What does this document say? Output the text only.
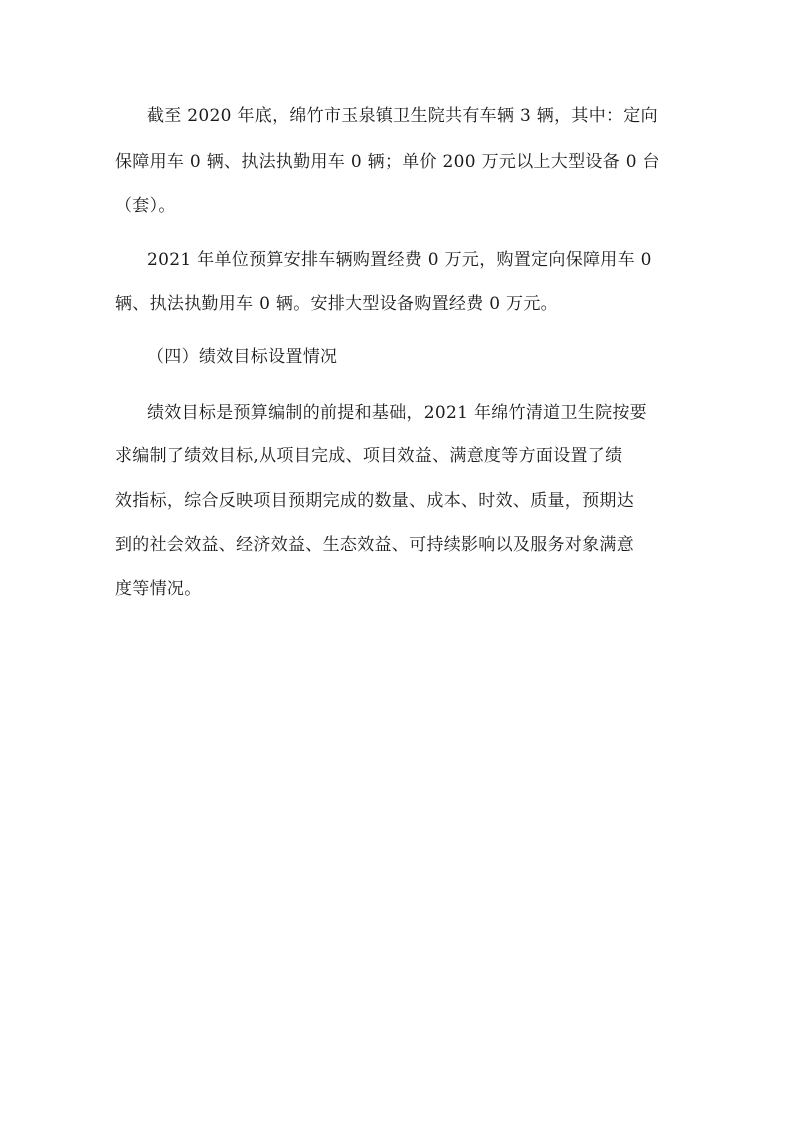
截至 2020 年底，绵竹市玉泉镇卫生院共有车辆 3 辆，其中：定向
保障用车 0 辆、执法执勤用车 0 辆；单价 200 万元以上大型设备 0 台
（套）。
2021 年单位预算安排车辆购置经费 0 万元，购置定向保障用车 0
辆、执法执勤用车 0 辆。安排大型设备购置经费 0 万元。
（四）绩效目标设置情况
绩效目标是预算编制的前提和基础，2021 年绵竹清道卫生院按要
求编制了绩效目标,从项目完成、项目效益、满意度等方面设置了绩
效指标，综合反映项目预期完成的数量、成本、时效、质量，预期达
到的社会效益、经济效益、生态效益、可持续影响以及服务对象满意
度等情况。
